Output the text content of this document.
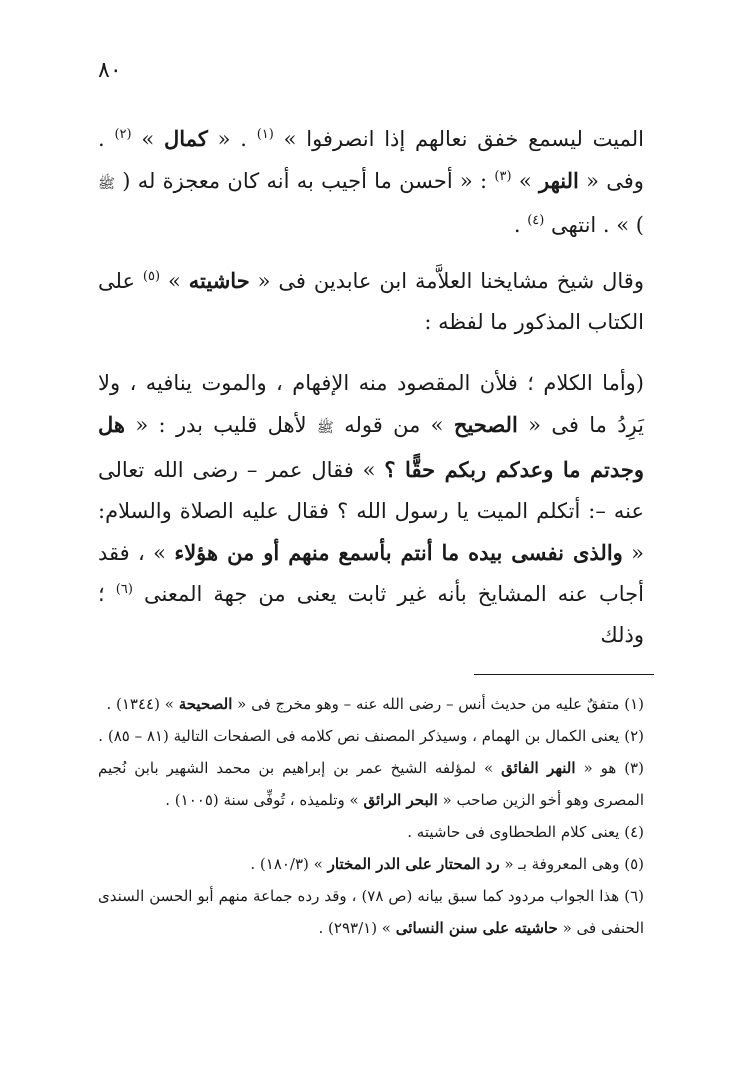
٨٠

الميت ليسمع خفق نعالهم إذا انصرفوا » $^{(١)}$ . « كمال » $^{(٢)}$ . وفى « النهر » $^{(٣)}$ : « أحسن ما أجيب به أنه كان معجزة له ( ﷺ ) » . انتهى $^{(٤)}$ .

وقال شيخ مشايخنا العلاَّمة ابن عابدين فى « حاشيته » $^{(٥)}$ على الكتاب المذكور ما لفظه :

(وأما الكلام ؛ فلأن المقصود منه الإفهام ، والموت ينافيه ، ولا يَرِدُ ما فى « الصحيح » من قوله ﷺ لأهل قليب بدر : « هل وجدتم ما وعدكم ربكم حقًّا ؟ » فقال عمر – رضى الله تعالى عنه –: أتكلم الميت يا رسول الله ؟ فقال عليه الصلاة والسلام: « والذى نفسى بيده ما أنتم بأسمع منهم أو من هؤلاء » ، فقد أجاب عنه المشايخ بأنه غير ثابت يعنى من جهة المعنى $^{(٦)}$ ؛ وذلك

(١) متفقٌ عليه من حديث أنس – رضى الله عنه – وهو مخرج فى « الصحيحة » (١٣٤٤) .

(٢) يعنى الكمال بن الهمام ، وسيذكر المصنف نص كلامه فى الصفحات التالية (٨١ – ٨٥) .

(٣) هو « النهر الفائق » لمؤلفه الشيخ عمر بن إبراهيم بن محمد الشهير بابن نُجيم المصرى وهو أخو الزين صاحب « البحر الرائق » وتلميذه ، تُوفِّى سنة (١٠٠٥) .

(٤) يعنى كلام الطحطاوى فى حاشيته .

(٥) وهى المعروفة بـ « رد المحتار على الدر المختار » (١٨٠/٣) .

(٦) هذا الجواب مردود كما سبق بيانه (ص ٧٨) ، وقد رده جماعة منهم أبو الحسن السندى الحنفى فى « حاشيته على سنن النسائى » (٢٩٣/١) .
